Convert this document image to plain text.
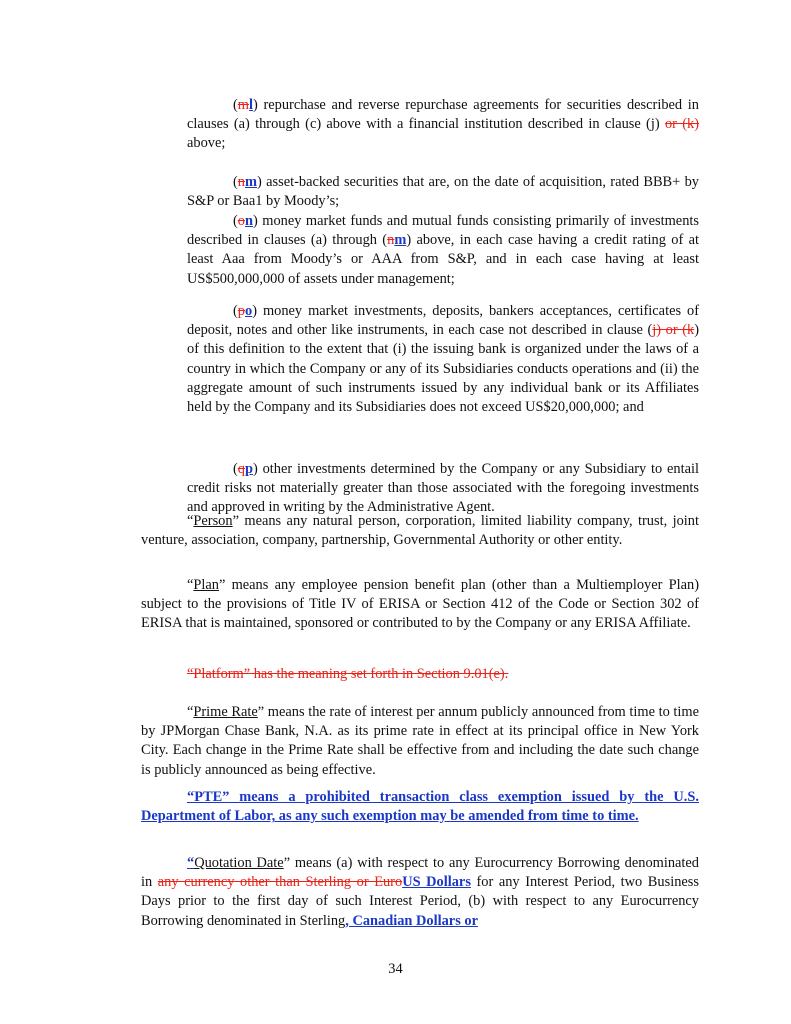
(ml) repurchase and reverse repurchase agreements for securities described in clauses (a) through (c) above with a financial institution described in clause (j) or (k) above;

(nm) asset-backed securities that are, on the date of acquisition, rated BBB+ by S&P or Baa1 by Moody’s;

(on) money market funds and mutual funds consisting primarily of investments described in clauses (a) through (nm) above, in each case having a credit rating of at least Aaa from Moody’s or AAA from S&P, and in each case having at least US$500,000,000 of assets under management;

(po) money market investments, deposits, bankers acceptances, certificates of deposit, notes and other like instruments, in each case not described in clause (j) or (k) of this definition to the extent that (i) the issuing bank is organized under the laws of a country in which the Company or any of its Subsidiaries conducts operations and (ii) the aggregate amount of such instruments issued by any individual bank or its Affiliates held by the Company and its Subsidiaries does not exceed US$20,000,000; and

(qp) other investments determined by the Company or any Subsidiary to entail credit risks not materially greater than those associated with the foregoing investments and approved in writing by the Administrative Agent.

“Person” means any natural person, corporation, limited liability company, trust, joint venture, association, company, partnership, Governmental Authority or other entity.

“Plan” means any employee pension benefit plan (other than a Multiemployer Plan) subject to the provisions of Title IV of ERISA or Section 412 of the Code or Section 302 of ERISA that is maintained, sponsored or contributed to by the Company or any ERISA Affiliate.

“Platform” has the meaning set forth in Section 9.01(e).

“Prime Rate” means the rate of interest per annum publicly announced from time to time by JPMorgan Chase Bank, N.A. as its prime rate in effect at its principal office in New York City. Each change in the Prime Rate shall be effective from and including the date such change is publicly announced as being effective.

“PTE” means a prohibited transaction class exemption issued by the U.S. Department of Labor, as any such exemption may be amended from time to time.

“Quotation Date” means (a) with respect to any Eurocurrency Borrowing denominated in any currency other than Sterling or EuroUS Dollars for any Interest Period, two Business Days prior to the first day of such Interest Period, (b) with respect to any Eurocurrency Borrowing denominated in Sterling, Canadian Dollars or

34
